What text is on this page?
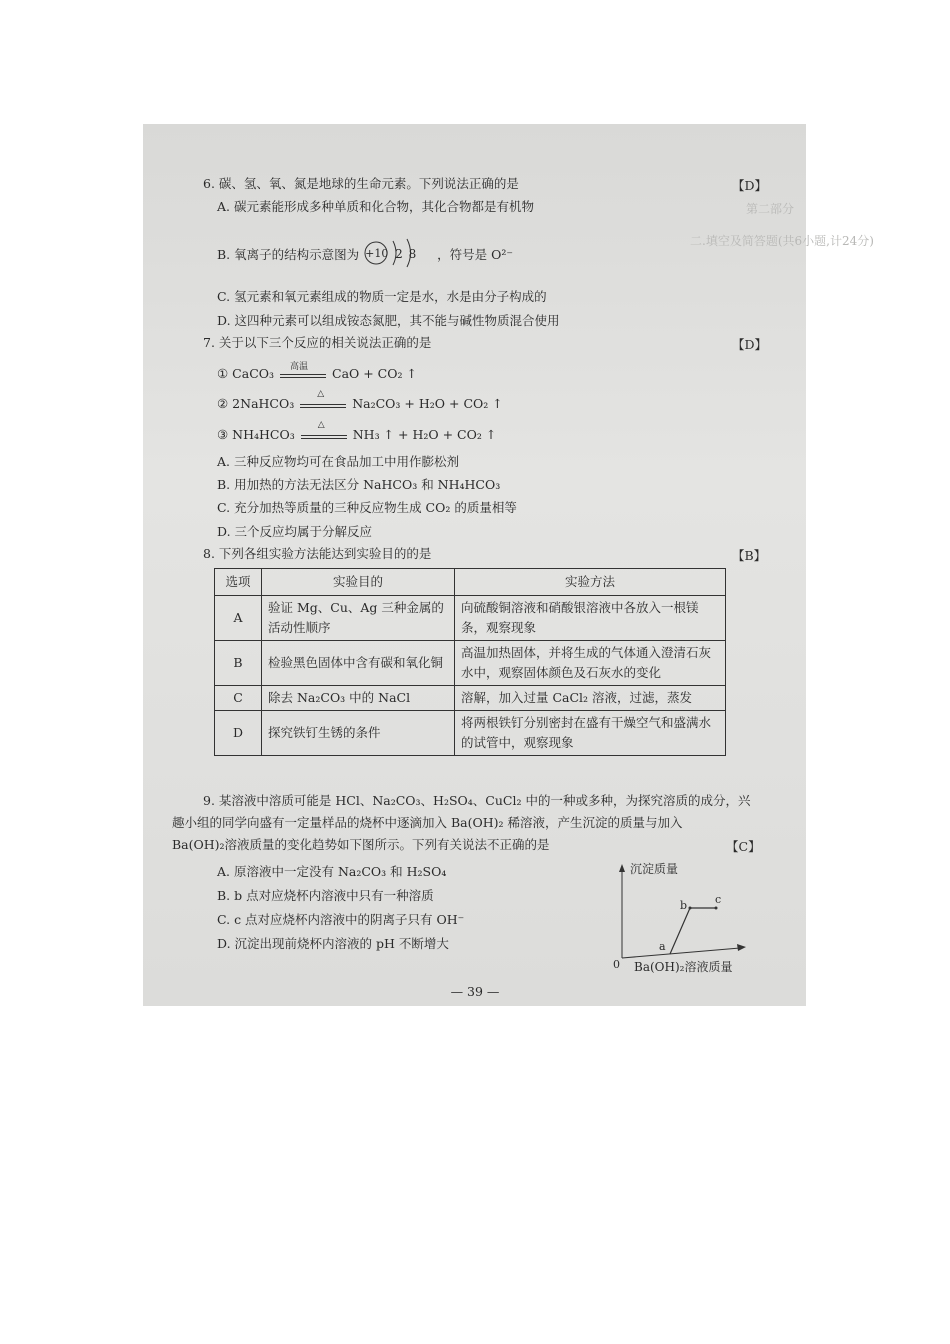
二.填空及简答题(共6小题,计24分)
第二部分
6. 碳、氢、氧、氮是地球的生命元素。下列说法正确的是	【D】
A. 碳元素能形成多种单质和化合物，其化合物都是有机物
B. 氧离子的结构示意图为 +10 2 8 ，符号是 O²⁻
C. 氢元素和氧元素组成的物质一定是水，水是由分子构成的
D. 这四种元素可以组成铵态氮肥，其不能与碱性物质混合使用
7. 关于以下三个反应的相关说法正确的是	【D】
① CaCO₃ 高温 CaO + CO₂ ↑
② 2NaHCO₃
△
Na₂CO₃ + H₂O + CO₂ ↑
③ NH₄HCO₃
△
NH₃ ↑ + H₂O + CO₂ ↑
A. 三种反应物均可在食品加工中用作膨松剂
B. 用加热的方法无法区分 NaHCO₃ 和 NH₄HCO₃
C. 充分加热等质量的三种反应物生成 CO₂ 的质量相等
D. 三个反应均属于分解反应
8. 下列各组实验方法能达到实验目的的是	【B】
选项	实验目的	实验方法
A	验证 Mg、Cu、Ag 三种金属的活动性顺序	向硫酸铜溶液和硝酸银溶液中各放入一根镁条，观察现象
B	检验黑色固体中含有碳和氧化铜	高温加热固体，并将生成的气体通入澄清石灰水中，观察固体颜色及石灰水的变化
C	除去 Na₂CO₃ 中的 NaCl	溶解，加入过量 CaCl₂ 溶液，过滤，蒸发
D	探究铁钉生锈的条件	将两根铁钉分别密封在盛有干燥空气和盛满水的试管中，观察现象
9. 某溶液中溶质可能是 HCl、Na₂CO₃、H₂SO₄、CuCl₂ 中的一种或多种，为探究溶质的成分，兴
趣小组的同学向盛有一定量样品的烧杯中逐滴加入 Ba(OH)₂ 稀溶液，产生沉淀的质量与加入
Ba(OH)₂溶液质量的变化趋势如下图所示。下列有关说法不正确的是	【C】
A. 原溶液中一定没有 Na₂CO₃ 和 H₂SO₄
B. b 点对应烧杯内溶液中只有一种溶质
C. c 点对应烧杯内溶液中的阴离子只有 OH⁻
D. 沉淀出现前烧杯内溶液的 pH 不断增大
沉淀质量
b	c
a
0 Ba(OH)₂溶液质量
— 39 —
